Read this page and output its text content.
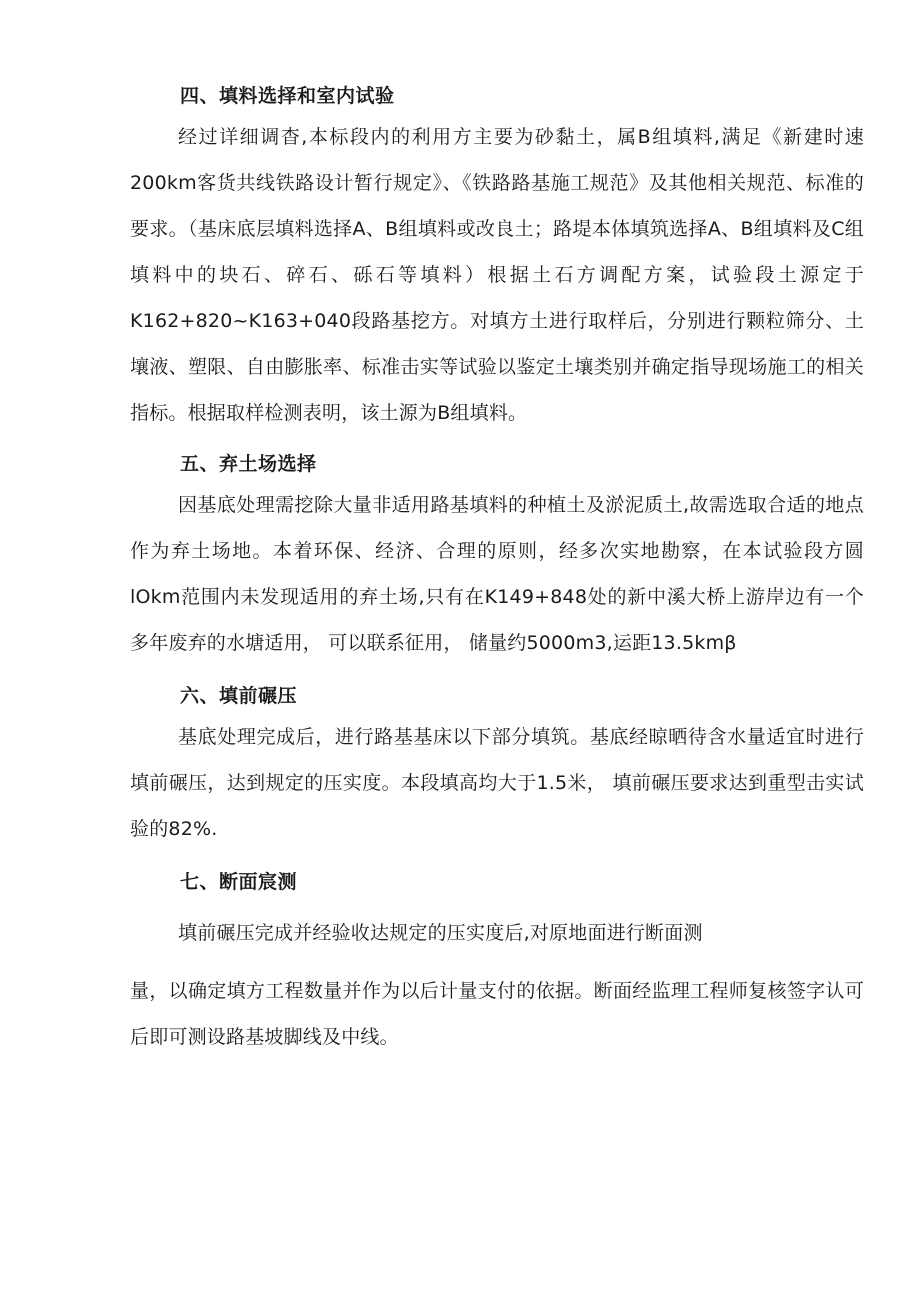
四、填料选择和室内试验

经过详细调杳,本标段内的利用方主要为砂黏土，属B组填料,满足《新建时速200km客货共线铁路设计暂行规定》、《铁路路基施工规范》及其他相关规范、标准的要求。（基床底层填料选择A、B组填料或改良土；路堤本体填筑选择A、B组填料及C组填料中的块石、碎石、砾石等填料）根据土石方调配方案，试验段土源定于K162+820~K163+040段路基挖方。对填方土进行取样后，分别进行颗粒筛分、土壤液、塑限、自由膨胀率、标准击实等试验以鉴定土壤类别并确定指导现场施工的相关指标。根据取样检测表明，该土源为B组填料。

五、弃土场选择

因基底处理需挖除大量非适用路基填料的种植土及淤泥质土,故需选取合适的地点作为弃土场地。本着环保、经济、合理的原则，经多次实地勘察，在本试验段方圆lOkm范围内未发现适用的弃土场,只有在K149+848处的新中溪大桥上游岸边有一个多年废弃的水塘适用， 可以联系征用， 储量约5000m3,运距13.5kmβ

六、填前碾压

基底处理完成后，进行路基基床以下部分填筑。基底经晾晒待含水量适宜时进行填前碾压，达到规定的压实度。本段填高均大于1.5米， 填前碾压要求达到重型击实试验的82%.

七、断面宸测

填前碾压完成并经验收达规定的压实度后,对原地面进行断面测

量，以确定填方工程数量并作为以后计量支付的依据。断面经监理工程师复核签字认可后即可测设路基坡脚线及中线。
